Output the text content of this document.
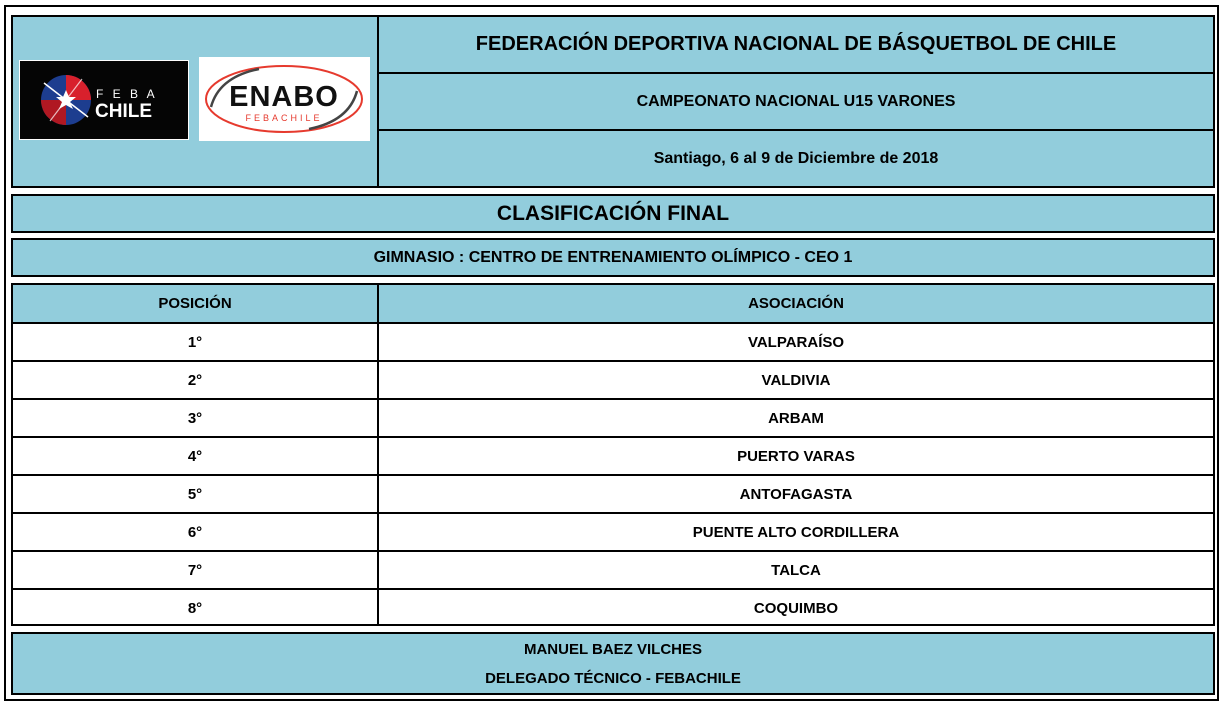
FEDERACIÓN DEPORTIVA NACIONAL DE BÁSQUETBOL DE CHILE
CAMPEONATO NACIONAL U15 VARONES
Santiago, 6 al 9 de Diciembre de 2018
F E B A
CHILE	ENABO
FEBACHILE
CLASIFICACIÓN FINAL
GIMNASIO : CENTRO DE ENTRENAMIENTO OLÍMPICO - CEO 1
POSICIÓN	ASOCIACIÓN
1°	VALPARAÍSO
2°	VALDIVIA
3°	ARBAM
4°	PUERTO VARAS
5°	ANTOFAGASTA
6°	PUENTE ALTO CORDILLERA
7°	TALCA
8°	COQUIMBO
MANUEL BAEZ VILCHES
DELEGADO TÉCNICO - FEBACHILE
